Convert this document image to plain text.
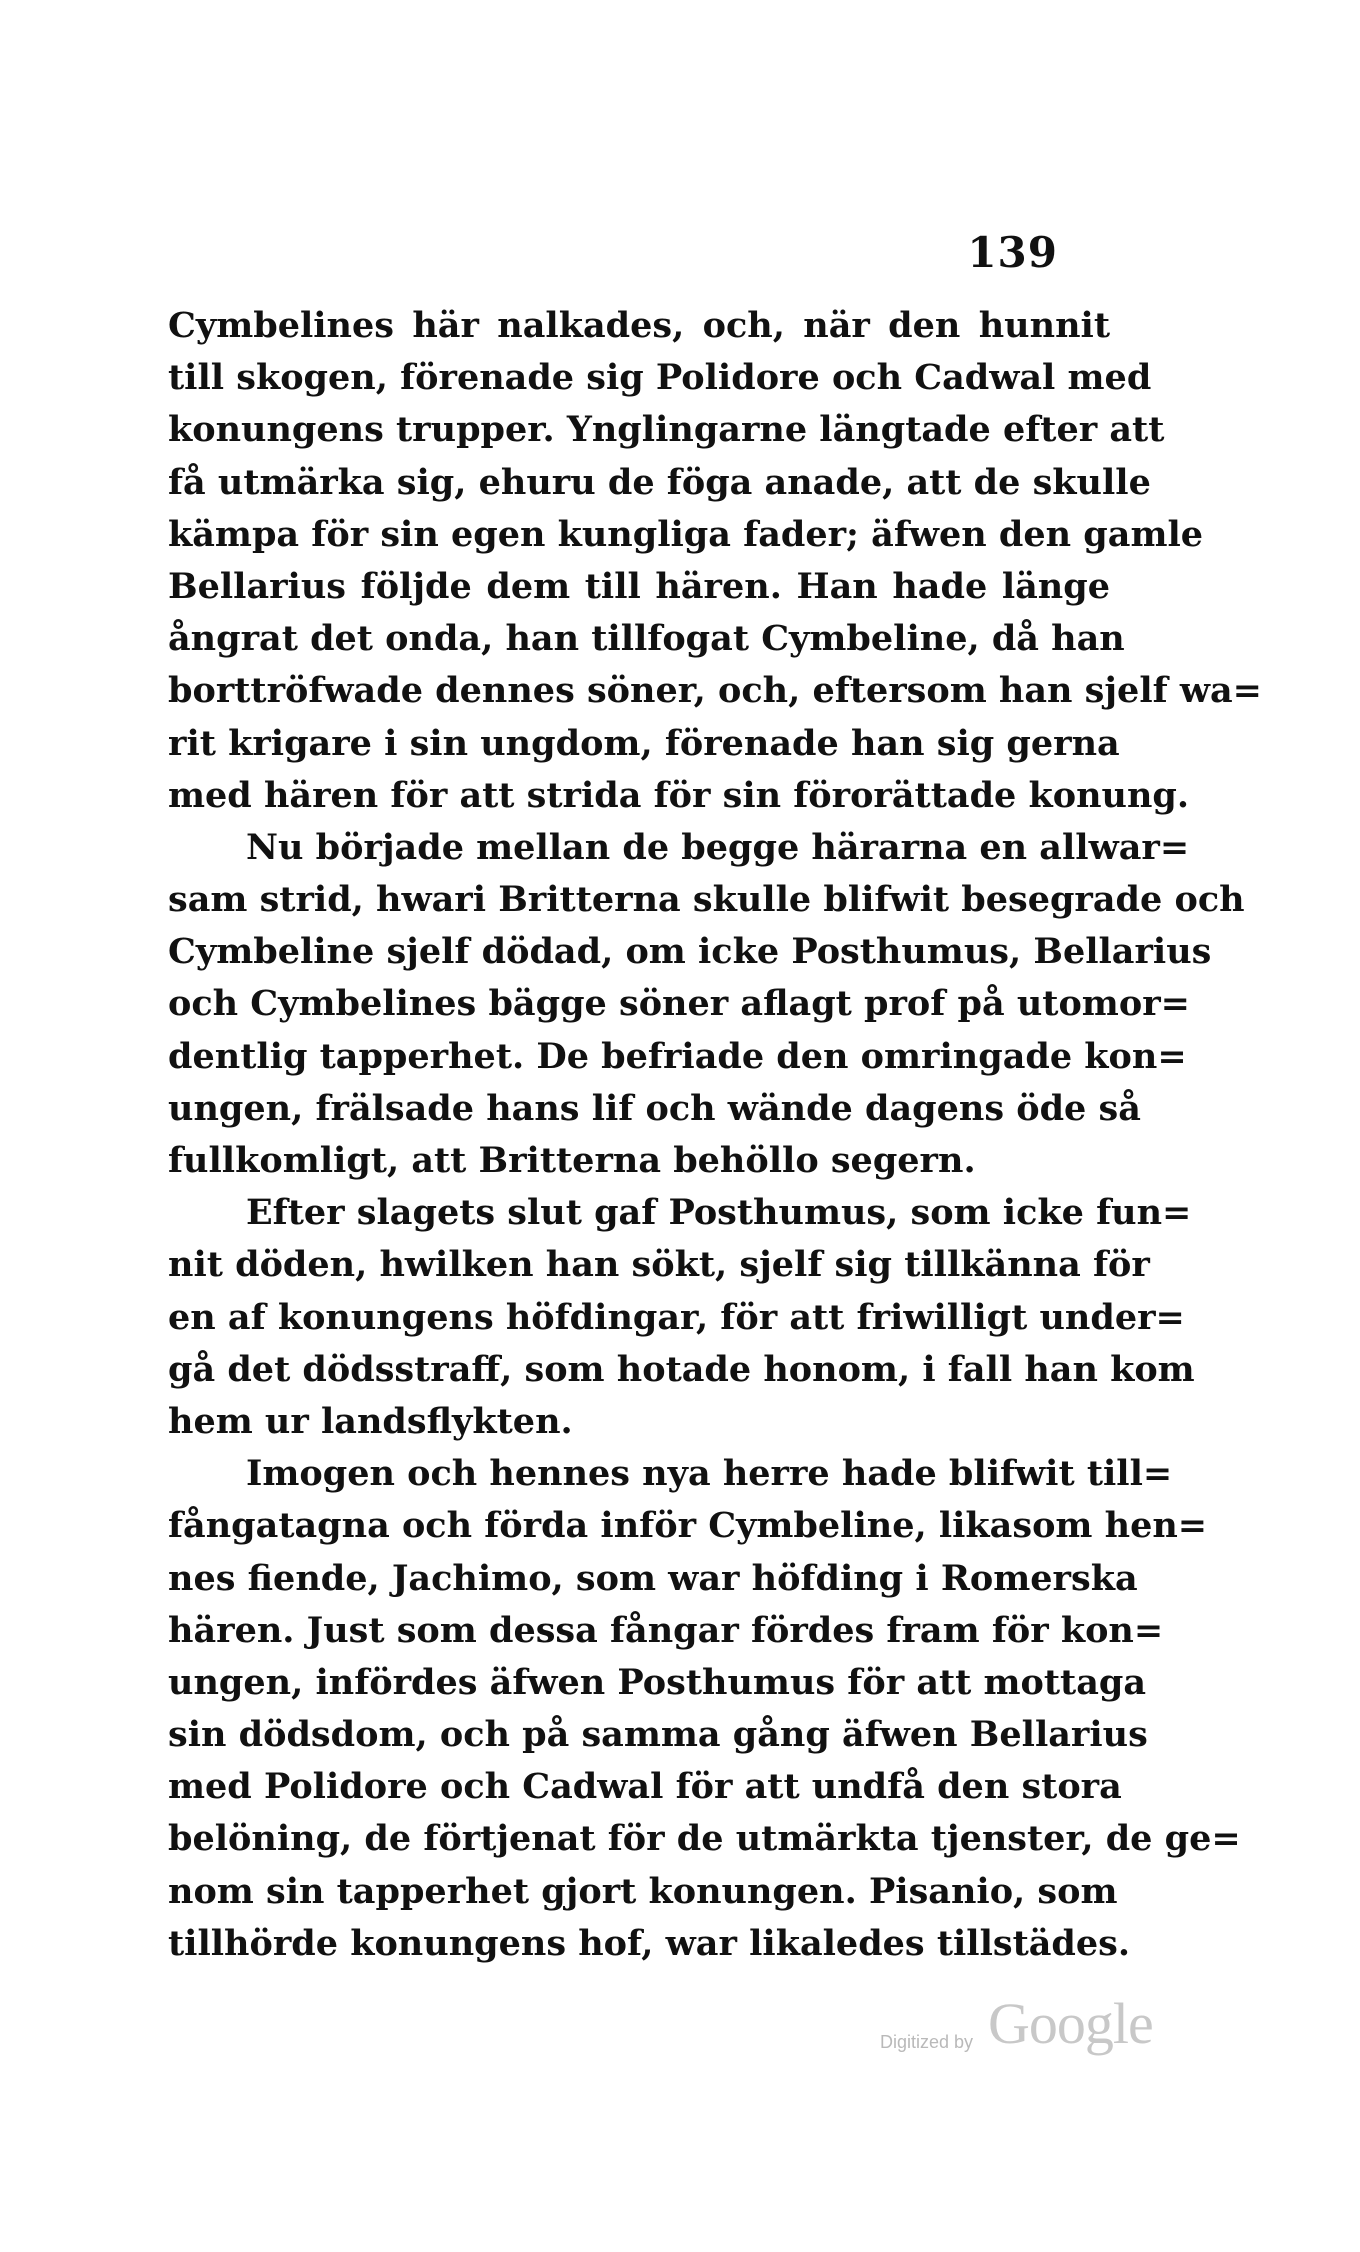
139
Cymbelines här nalkades, och, när den hunnit
till skogen, förenade sig Polidore och Cadwal med
konungens trupper. Ynglingarne längtade efter att
få utmärka sig, ehuru de föga anade, att de skulle
kämpa för sin egen kungliga fader; äfwen den gamle
Bellarius följde dem till hären. Han hade länge
ångrat det onda, han tillfogat Cymbeline, då han
borttröfwade dennes söner, och, eftersom han sjelf wa=
rit krigare i sin ungdom, förenade han sig gerna
med hären för att strida för sin förorättade konung.
Nu började mellan de begge härarna en allwar=
sam strid, hwari Britterna skulle blifwit besegrade och
Cymbeline sjelf dödad, om icke Posthumus, Bellarius
och Cymbelines bägge söner aflagt prof på utomor=
dentlig tapperhet. De befriade den omringade kon=
ungen, frälsade hans lif och wände dagens öde så
fullkomligt, att Britterna behöllo segern.
Efter slagets slut gaf Posthumus, som icke fun=
nit döden, hwilken han sökt, sjelf sig tillkänna för
en af konungens höfdingar, för att friwilligt under=
gå det dödsstraff, som hotade honom, i fall han kom
hem ur landsflykten.
Imogen och hennes nya herre hade blifwit till=
fångatagna och förda inför Cymbeline, likasom hen=
nes fiende, Jachimo, som war höfding i Romerska
hären. Just som dessa fångar fördes fram för kon=
ungen, infördes äfwen Posthumus för att mottaga
sin dödsdom, och på samma gång äfwen Bellarius
med Polidore och Cadwal för att undfå den stora
belöning, de förtjenat för de utmärkta tjenster, de ge=
nom sin tapperhet gjort konungen. Pisanio, som
tillhörde konungens hof, war likaledes tillstädes.
Digitized by Google
